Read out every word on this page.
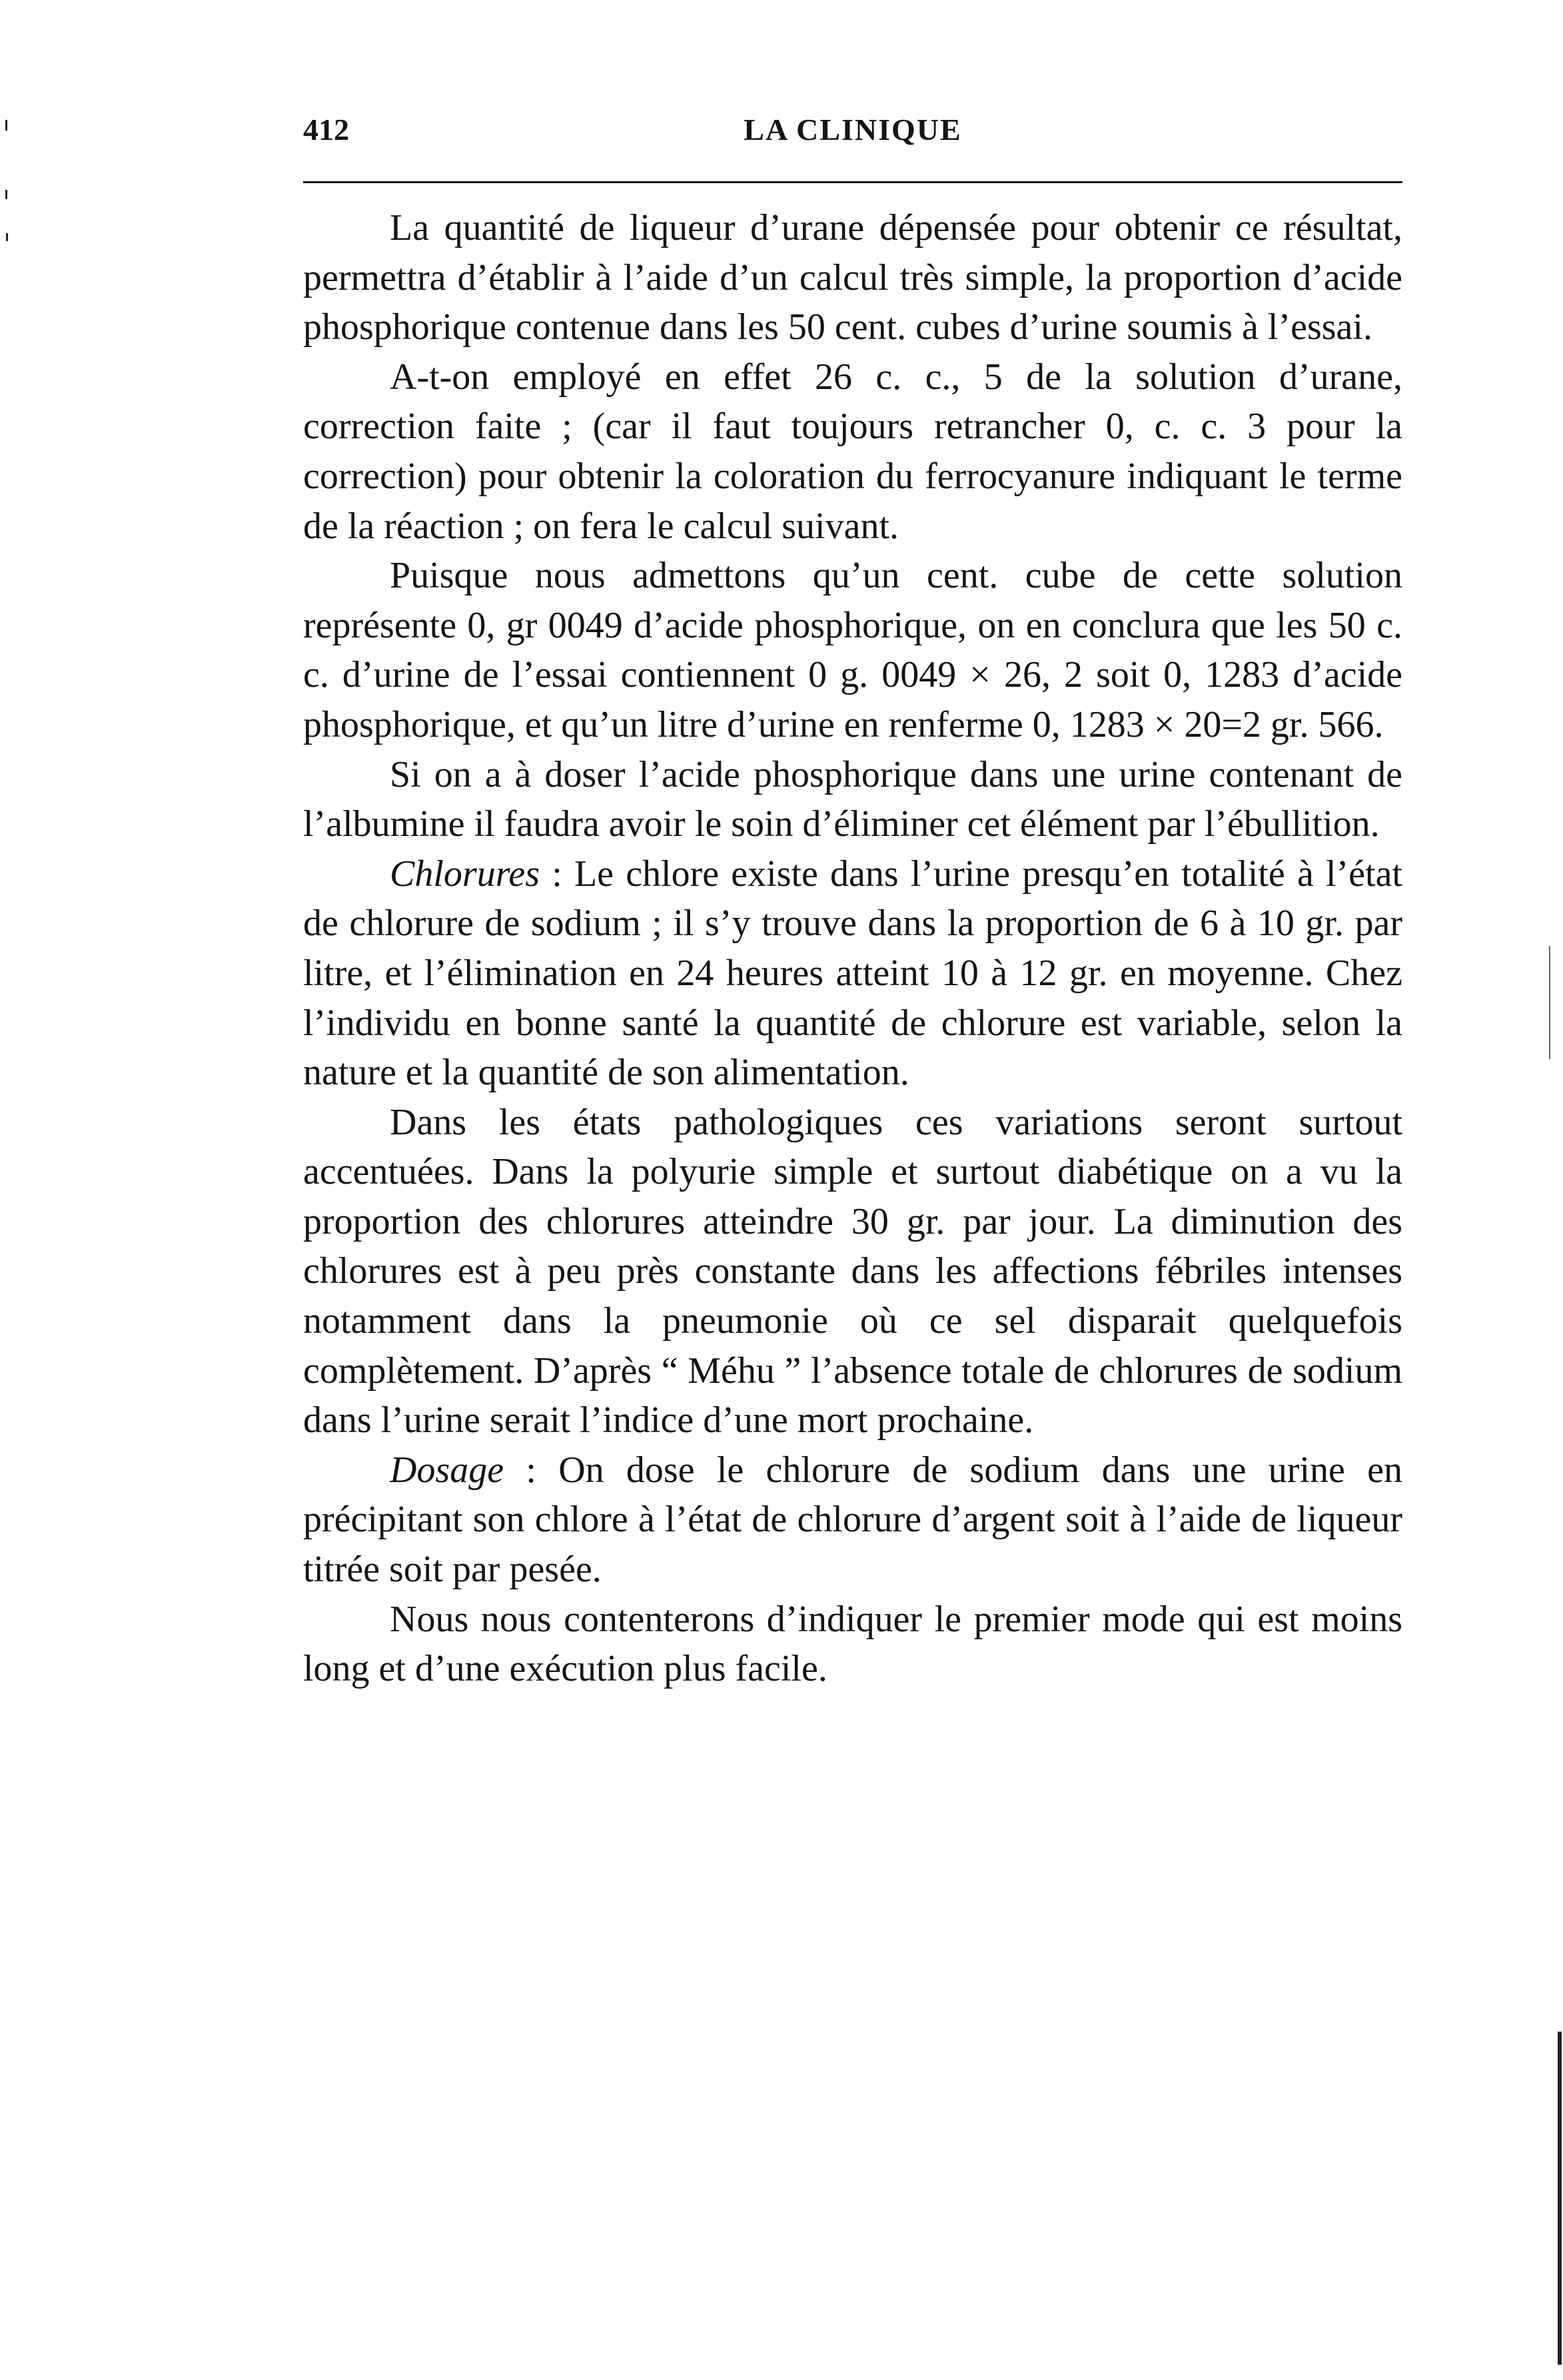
412	LA CLINIQUE

La quantité de liqueur d’urane dépensée pour obtenir ce résultat, permettra d’établir à l’aide d’un calcul très simple, la proportion d’acide phosphorique contenue dans les 50 cent. cubes d’urine soumis à l’essai.

A-t-on employé en effet 26 c. c., 5 de la solution d’urane, correction faite ; (car il faut toujours retrancher 0, c. c. 3 pour la correction) pour obtenir la coloration du ferrocyanure indiquant le terme de la réaction ; on fera le calcul suivant.

Puisque nous admettons qu’un cent. cube de cette solution représente 0, gr 0049 d’acide phosphorique, on en conclura que les 50 c. c. d’urine de l’essai contiennent 0 g. 0049 × 26, 2 soit 0, 1283 d’acide phosphorique, et qu’un litre d’urine en renferme 0, 1283 × 20=2 gr. 566.

Si on a à doser l’acide phosphorique dans une urine contenant de l’albumine il faudra avoir le soin d’éliminer cet élément par l’ébullition.

Chlorures : Le chlore existe dans l’urine presqu’en totalité à l’état de chlorure de sodium ; il s’y trouve dans la proportion de 6 à 10 gr. par litre, et l’élimination en 24 heures atteint 10 à 12 gr. en moyenne. Chez l’individu en bonne santé la quantité de chlorure est variable, selon la nature et la quantité de son alimentation.

Dans les états pathologiques ces variations seront surtout accentuées. Dans la polyurie simple et surtout diabétique on a vu la proportion des chlorures atteindre 30 gr. par jour. La diminution des chlorures est à peu près constante dans les affections fébriles intenses notamment dans la pneumonie où ce sel disparait quelquefois complètement. D’après “ Méhu ” l’absence totale de chlorures de sodium dans l’urine serait l’indice d’une mort prochaine.

Dosage : On dose le chlorure de sodium dans une urine en précipitant son chlore à l’état de chlorure d’argent soit à l’aide de liqueur titrée soit par pesée.

Nous nous contenterons d’indiquer le premier mode qui est moins long et d’une exécution plus facile.
